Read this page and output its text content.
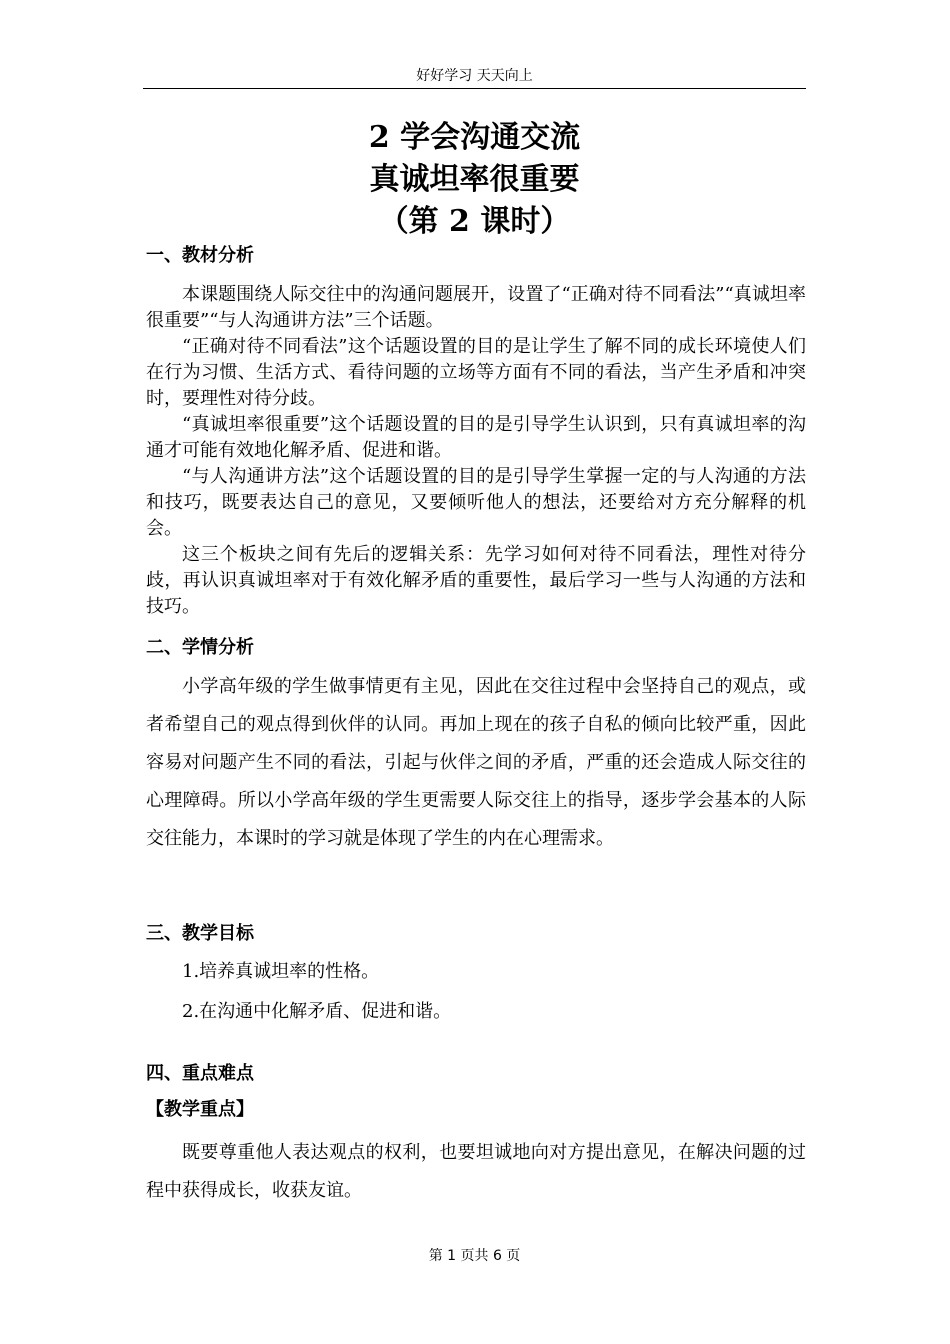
好好学习 天天向上
2 学会沟通交流
真诚坦率很重要
（第 2 课时）
一、教材分析
本课题围绕人际交往中的沟通问题展开，设置了“正确对待不同看法”“真诚坦率很重要”“与人沟通讲方法”三个话题。
“正确对待不同看法”这个话题设置的目的是让学生了解不同的成长环境使人们在行为习惯、生活方式、看待问题的立场等方面有不同的看法，当产生矛盾和冲突时，要理性对待分歧。
“真诚坦率很重要”这个话题设置的目的是引导学生认识到，只有真诚坦率的沟通才可能有效地化解矛盾、促进和谐。
“与人沟通讲方法”这个话题设置的目的是引导学生掌握一定的与人沟通的方法和技巧，既要表达自己的意见，又要倾听他人的想法，还要给对方充分解释的机会。
这三个板块之间有先后的逻辑关系：先学习如何对待不同看法，理性对待分歧，再认识真诚坦率对于有效化解矛盾的重要性，最后学习一些与人沟通的方法和技巧。
二、学情分析
小学高年级的学生做事情更有主见，因此在交往过程中会坚持自己的观点，或者希望自己的观点得到伙伴的认同。再加上现在的孩子自私的倾向比较严重，因此容易对问题产生不同的看法，引起与伙伴之间的矛盾，严重的还会造成人际交往的心理障碍。所以小学高年级的学生更需要人际交往上的指导，逐步学会基本的人际交往能力，本课时的学习就是体现了学生的内在心理需求。
三、教学目标
1.培养真诚坦率的性格。
2.在沟通中化解矛盾、促进和谐。
四、重点难点
【教学重点】
既要尊重他人表达观点的权利，也要坦诚地向对方提出意见，在解决问题的过程中获得成长，收获友谊。
第 1 页共 6 页
